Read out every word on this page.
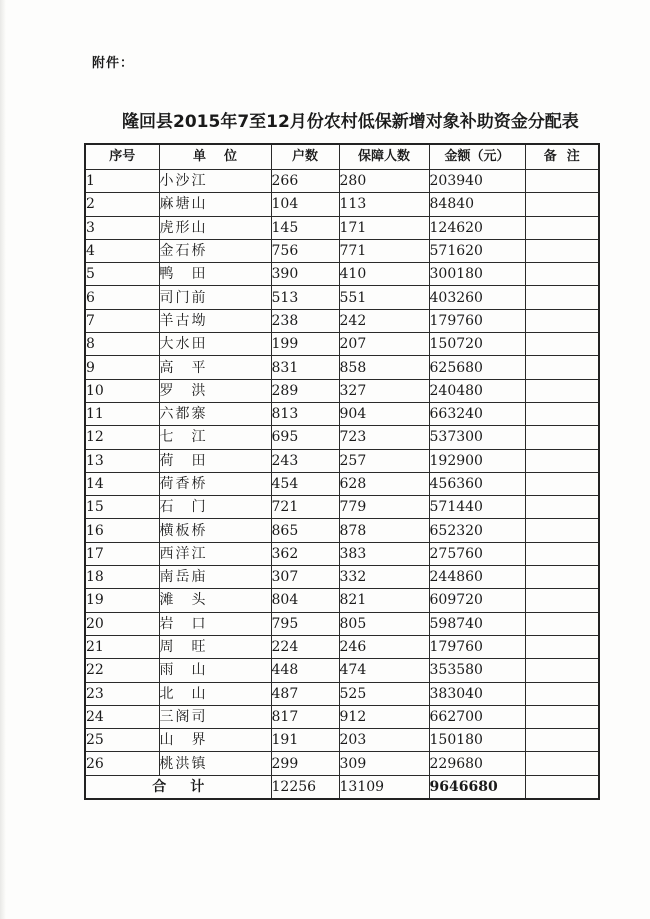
附件：
隆回县2015年7至12月份农村低保新增对象补助资金分配表
序号	单位	户数	保障人数	金额（元）	备注
1	小沙江	266	280	203940	
2	麻塘山	104	113	84840	
3	虎形山	145	171	124620	
4	金石桥	756	771	571620	
5	鸭　田	390	410	300180	
6	司门前	513	551	403260	
7	羊古坳	238	242	179760	
8	大水田	199	207	150720	
9	高　平	831	858	625680	
10	罗　洪	289	327	240480	
11	六都寨	813	904	663240	
12	七　江	695	723	537300	
13	荷　田	243	257	192900	
14	荷香桥	454	628	456360	
15	石　门	721	779	571440	
16	横板桥	865	878	652320	
17	西洋江	362	383	275760	
18	南岳庙	307	332	244860	
19	滩　头	804	821	609720	
20	岩　口	795	805	598740	
21	周　旺	224	246	179760	
22	雨　山	448	474	353580	
23	北　山	487	525	383040	
24	三阁司	817	912	662700	
25	山　界	191	203	150180	
26	桃洪镇	299	309	229680	
合计		12256	13109	9646680	
